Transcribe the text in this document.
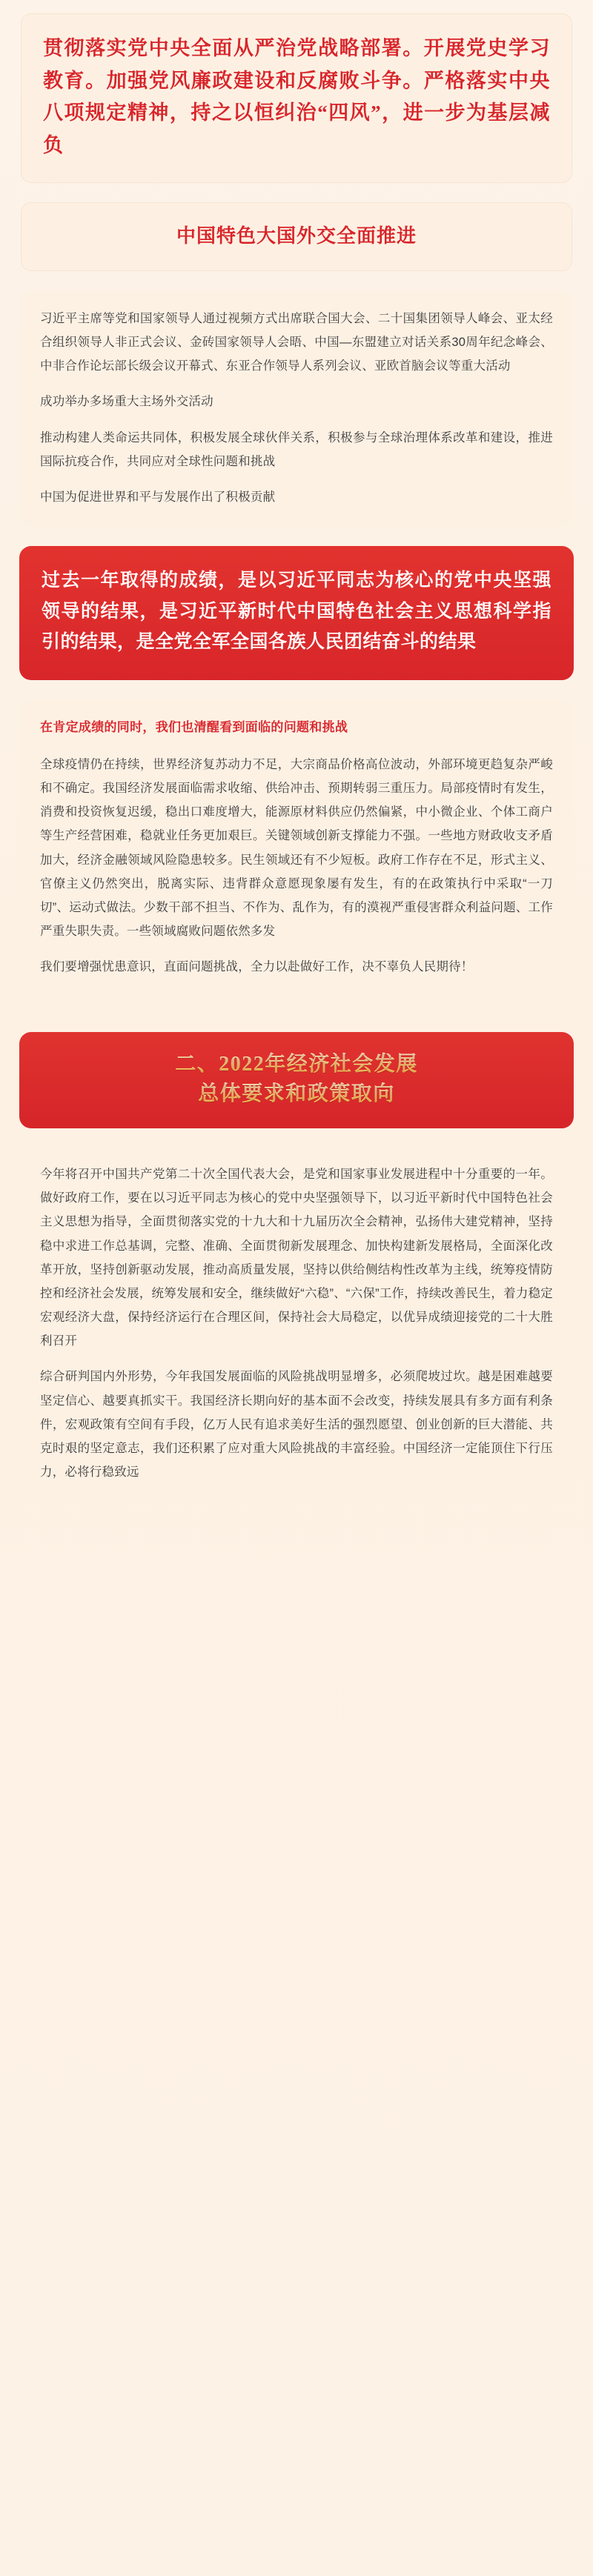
贯彻落实党中央全面从严治党战略部署。开展党史学习教育。加强党风廉政建设和反腐败斗争。严格落实中央八项规定精神，持之以恒纠治“四风”，进一步为基层减负
中国特色大国外交全面推进

习近平主席等党和国家领导人通过视频方式出席联合国大会、二十国集团领导人峰会、亚太经合组织领导人非正式会议、金砖国家领导人会晤、中国—东盟建立对话关系30周年纪念峰会、中非合作论坛部长级会议开幕式、东亚合作领导人系列会议、亚欧首脑会议等重大活动

成功举办多场重大主场外交活动

推动构建人类命运共同体，积极发展全球伙伴关系，积极参与全球治理体系改革和建设，推进国际抗疫合作，共同应对全球性问题和挑战

中国为促进世界和平与发展作出了积极贡献

过去一年取得的成绩，是以习近平同志为核心的党中央坚强领导的结果，是习近平新时代中国特色社会主义思想科学指引的结果，是全党全军全国各族人民团结奋斗的结果
在肯定成绩的同时，我们也清醒看到面临的问题和挑战

全球疫情仍在持续，世界经济复苏动力不足，大宗商品价格高位波动，外部环境更趋复杂严峻和不确定。我国经济发展面临需求收缩、供给冲击、预期转弱三重压力。局部疫情时有发生，消费和投资恢复迟缓，稳出口难度增大，能源原材料供应仍然偏紧，中小微企业、个体工商户等生产经营困难，稳就业任务更加艰巨。关键领域创新支撑能力不强。一些地方财政收支矛盾加大，经济金融领域风险隐患较多。民生领域还有不少短板。政府工作存在不足，形式主义、官僚主义仍然突出，脱离实际、违背群众意愿现象屡有发生，有的在政策执行中采取“一刀切”、运动式做法。少数干部不担当、不作为、乱作为，有的漠视严重侵害群众利益问题、工作严重失职失责。一些领域腐败问题依然多发

我们要增强忧患意识，直面问题挑战，全力以赴做好工作，决不辜负人民期待！

二、2022年经济社会发展
总体要求和政策取向

今年将召开中国共产党第二十次全国代表大会，是党和国家事业发展进程中十分重要的一年。做好政府工作，要在以习近平同志为核心的党中央坚强领导下，以习近平新时代中国特色社会主义思想为指导，全面贯彻落实党的十九大和十九届历次全会精神，弘扬伟大建党精神，坚持稳中求进工作总基调，完整、准确、全面贯彻新发展理念、加快构建新发展格局，全面深化改革开放，坚持创新驱动发展，推动高质量发展，坚持以供给侧结构性改革为主线，统筹疫情防控和经济社会发展，统筹发展和安全，继续做好“六稳”、“六保”工作，持续改善民生，着力稳定宏观经济大盘，保持经济运行在合理区间，保持社会大局稳定，以优异成绩迎接党的二十大胜利召开

综合研判国内外形势，今年我国发展面临的风险挑战明显增多，必须爬坡过坎。越是困难越要坚定信心、越要真抓实干。我国经济长期向好的基本面不会改变，持续发展具有多方面有利条件，宏观政策有空间有手段，亿万人民有追求美好生活的强烈愿望、创业创新的巨大潜能、共克时艰的坚定意志，我们还积累了应对重大风险挑战的丰富经验。中国经济一定能顶住下行压力，必将行稳致远
